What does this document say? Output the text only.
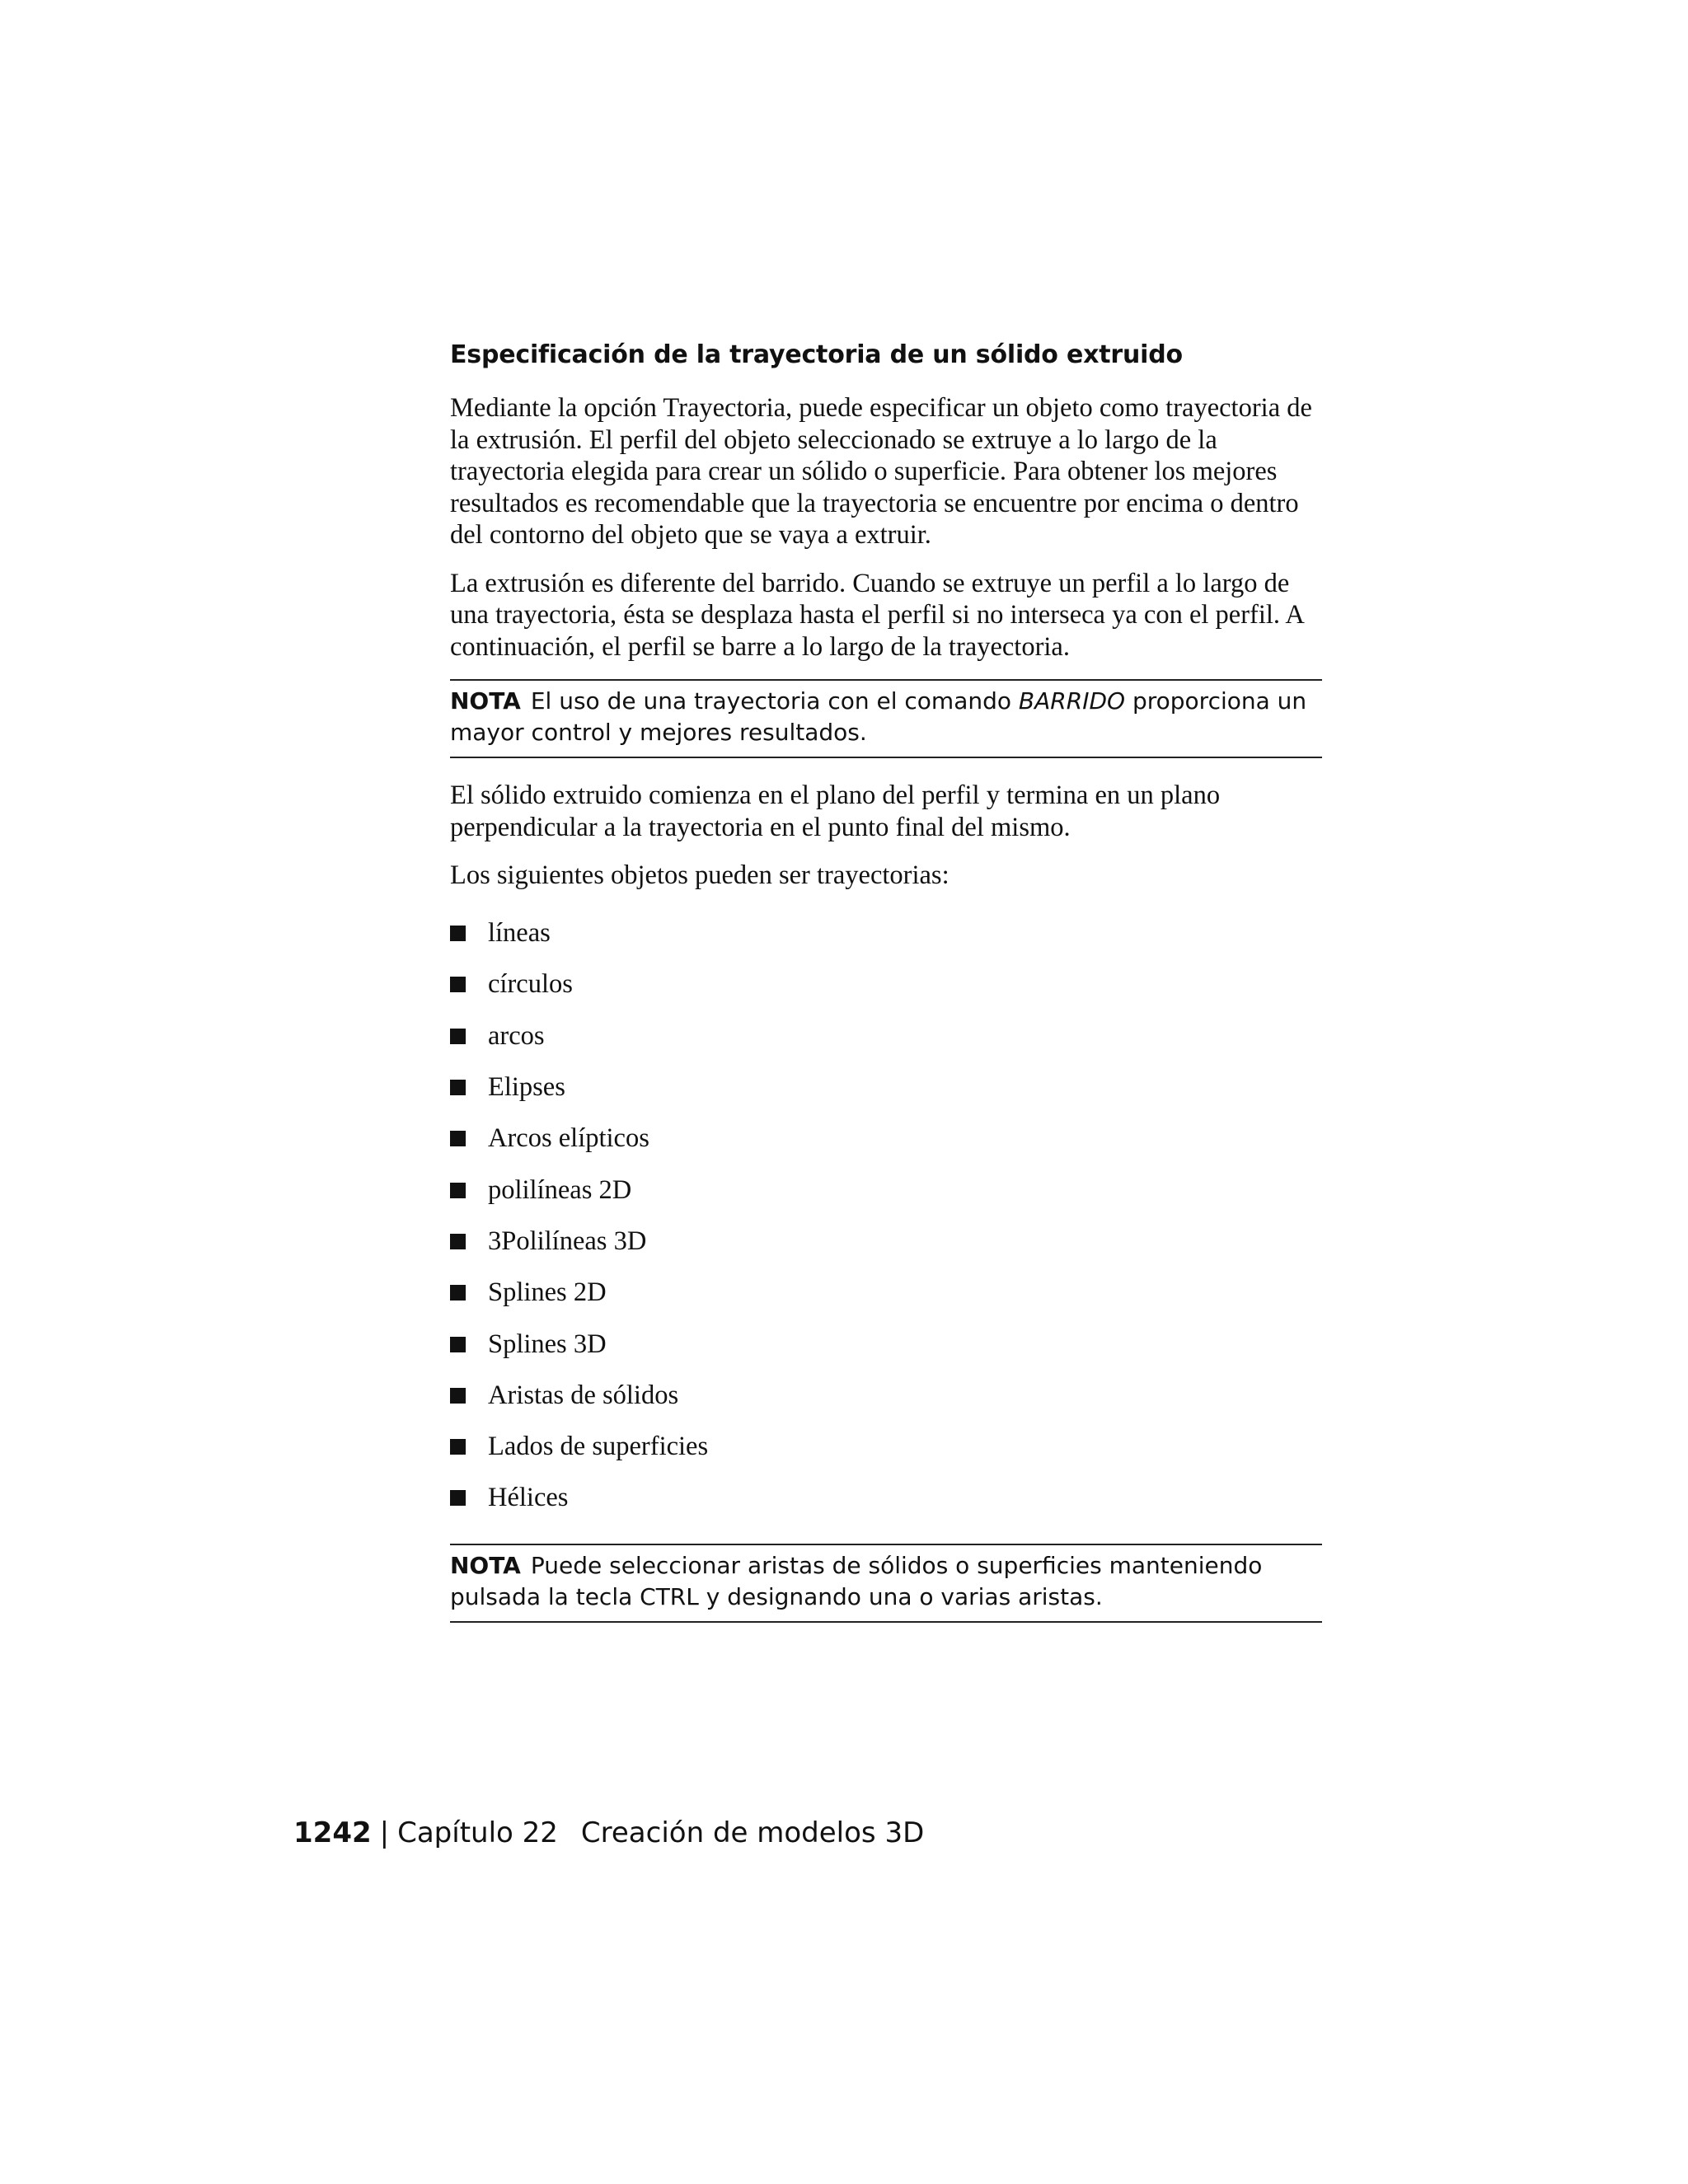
Especificación de la trayectoria de un sólido extruido

Mediante la opción Trayectoria, puede especificar un objeto como trayectoria de la extrusión. El perfil del objeto seleccionado se extruye a lo largo de la trayectoria elegida para crear un sólido o superficie. Para obtener los mejores resultados es recomendable que la trayectoria se encuentre por encima o dentro del contorno del objeto que se vaya a extruir.

La extrusión es diferente del barrido. Cuando se extruye un perfil a lo largo de una trayectoria, ésta se desplaza hasta el perfil si no interseca ya con el perfil. A continuación, el perfil se barre a lo largo de la trayectoria.

NOTA El uso de una trayectoria con el comando BARRIDO proporciona un mayor control y mejores resultados.

El sólido extruido comienza en el plano del perfil y termina en un plano perpendicular a la trayectoria en el punto final del mismo.

Los siguientes objetos pueden ser trayectorias:

líneas
círculos
arcos
Elipses
Arcos elípticos
polilíneas 2D
3Polilíneas 3D
Splines 2D
Splines 3D
Aristas de sólidos
Lados de superficies
Hélices
NOTA Puede seleccionar aristas de sólidos o superficies manteniendo pulsada la tecla CTRL y designando una o varias aristas.
1242 | Capítulo 22 Creación de modelos 3D
